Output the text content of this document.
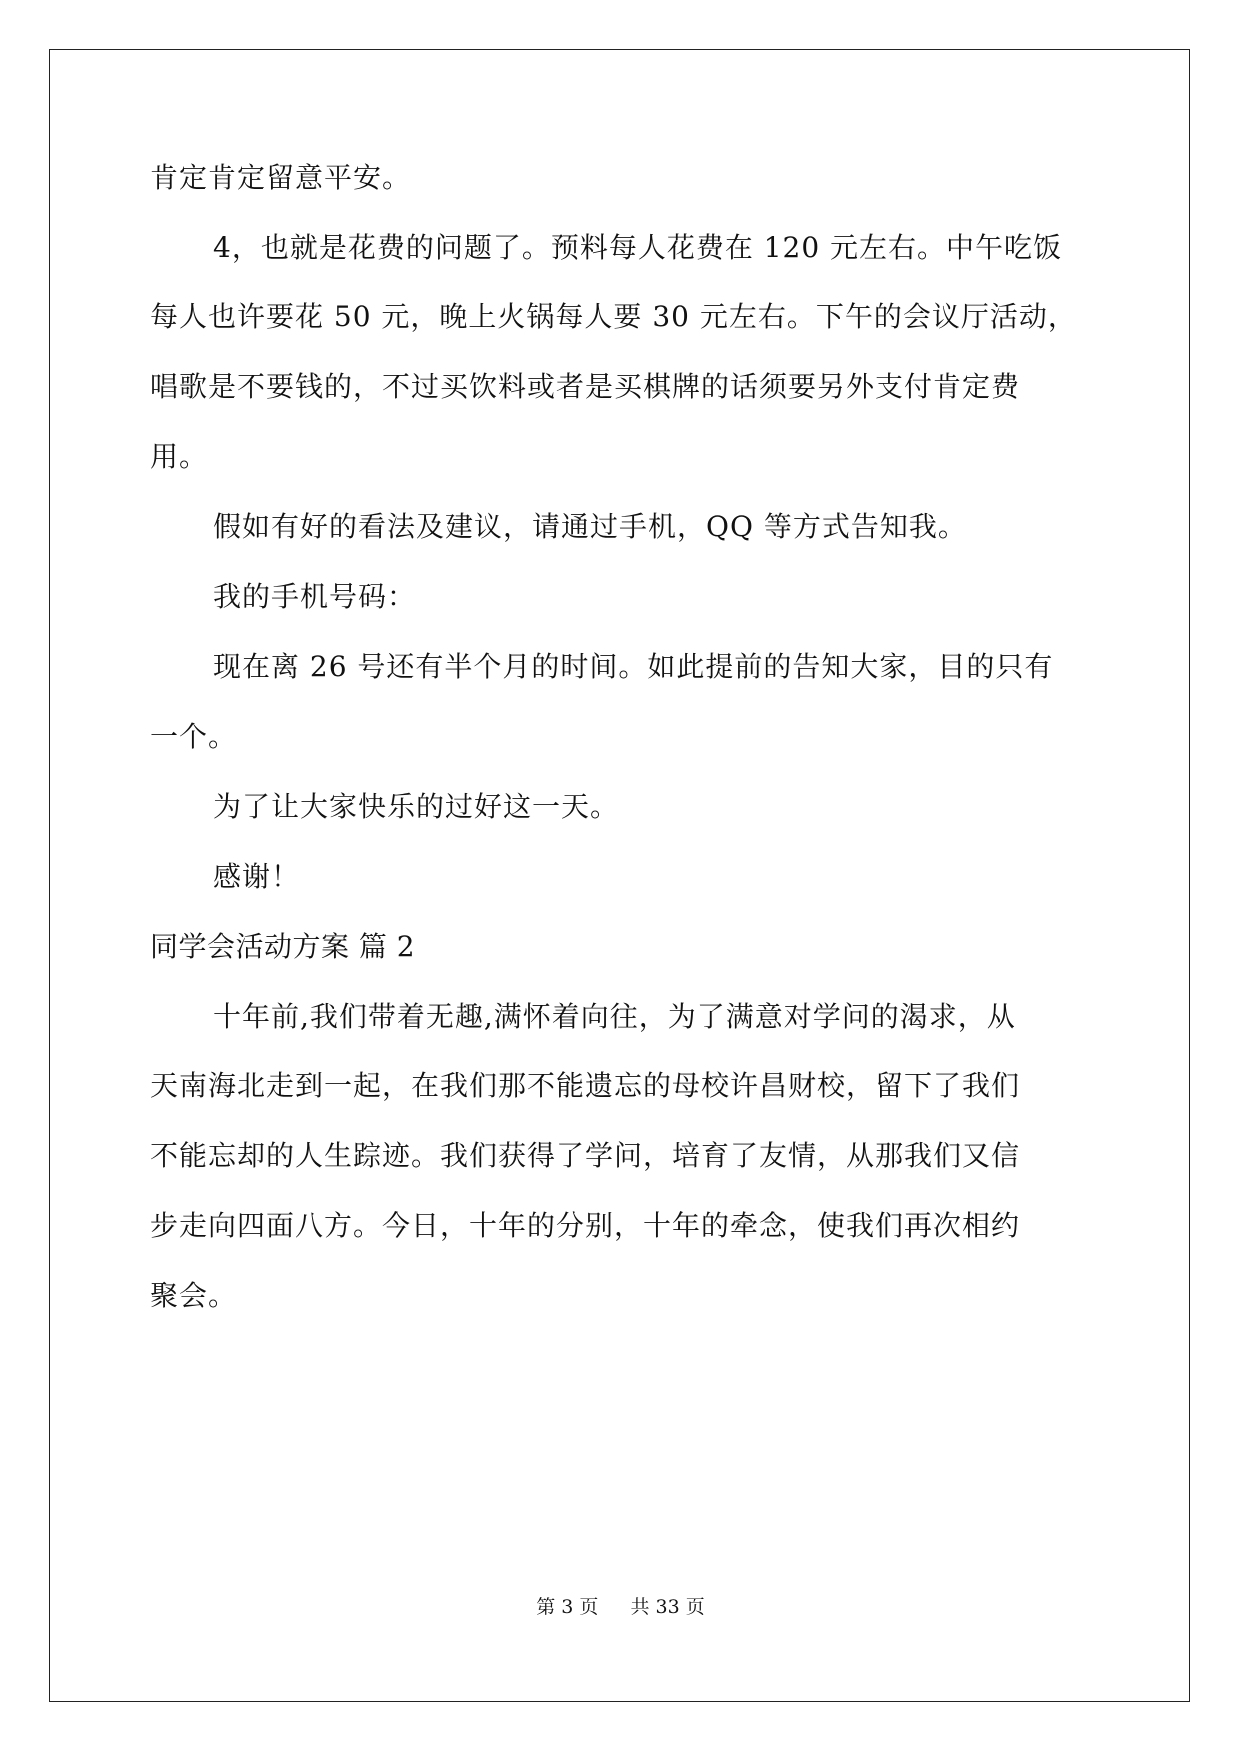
肯定肯定留意平安。
4，也就是花费的问题了。预料每人花费在 120 元左右。中午吃饭
每人也许要花 50 元，晚上火锅每人要 30 元左右。下午的会议厅活动，
唱歌是不要钱的，不过买饮料或者是买棋牌的话须要另外支付肯定费
用。
假如有好的看法及建议，请通过手机，QQ 等方式告知我。
我的手机号码：
现在离 26 号还有半个月的时间。如此提前的告知大家，目的只有
一个。
为了让大家快乐的过好这一天。
感谢！
同学会活动方案 篇 2
十年前,我们带着无趣,满怀着向往，为了满意对学问的渴求，从
天南海北走到一起，在我们那不能遗忘的母校许昌财校，留下了我们
不能忘却的人生踪迹。我们获得了学问，培育了友情，从那我们又信
步走向四面八方。今日，十年的分别，十年的牵念，使我们再次相约
聚会。
第 3 页 共 33 页
